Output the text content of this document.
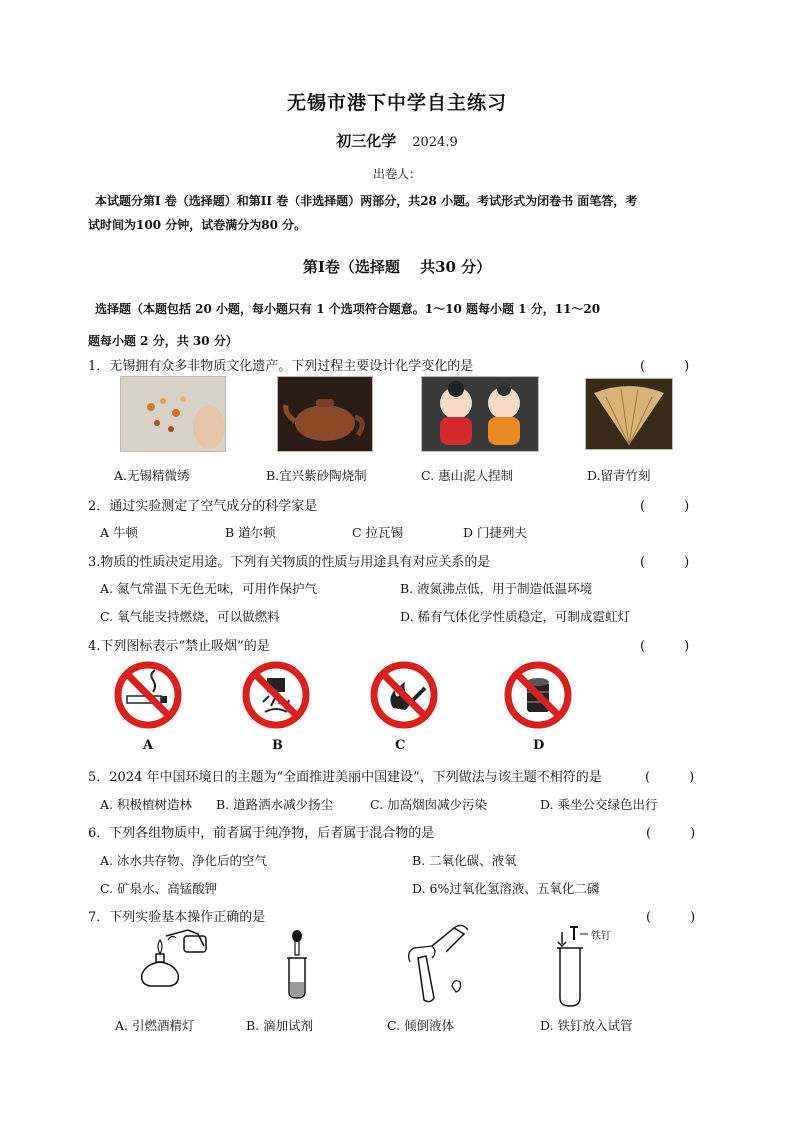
无锡市港下中学自主练习
初三化学 2024.9
出卷人：
本试题分第Ⅰ 卷（选择题）和第II 卷（非选择题）两部分，共28 小题。考试形式为闭卷书 面笔答，考
试时间为100 分钟，试卷满分为80 分。
第Ⅰ卷（选择题　 共30 分）
选择题（本题包括 20 小题，每小题只有 1 个选项符合题意。1～10 题每小题 1 分，11～20
题每小题 2 分，共 30 分）
1．无锡拥有众多非物质文化遗产。下列过程主要设计化学变化的是	(　　　)
A.无锡精微绣	B.宜兴紫砂陶烧制	C. 惠山泥人捏制	D.留青竹刻
2．通过实验测定了空气成分的科学家是	(　　　)
A 牛顿	B 道尔顿	C 拉瓦锡	D 门捷列夫
3.物质的性质决定用途。下列有关物质的性质与用途具有对应关系的是	(　　　)
A. 氮气常温下无色无味，可用作保护气	B. 液氮沸点低，用于制造低温环境
C. 氧气能支持燃烧，可以做燃料	D. 稀有气体化学性质稳定，可制成霓虹灯
4.下列图标表示“禁止吸烟”的是	(　　　)
A	B	C	D
5．2024 年中国环境日的主题为“全面推进美丽中国建设”，下列做法与该主题不相符的是	(　　　)
A. 积极植树造林 B. 道路洒水减少扬尘	C. 加高烟囱减少污染	D. 乘坐公交绿色出行
6．下列各组物质中，前者属于纯净物，后者属于混合物的是	(　　　)
A. 冰水共存物、净化后的空气	B. 二氧化碳、液氧
C. 矿泉水、高锰酸钾	D. 6%过氧化氢溶液、五氧化二磷
7．下列实验基本操作正确的是	(　　　)
铁钉
A. 引燃酒精灯	B. 滴加试剂	C. 倾倒液体	D. 铁钉放入试管
